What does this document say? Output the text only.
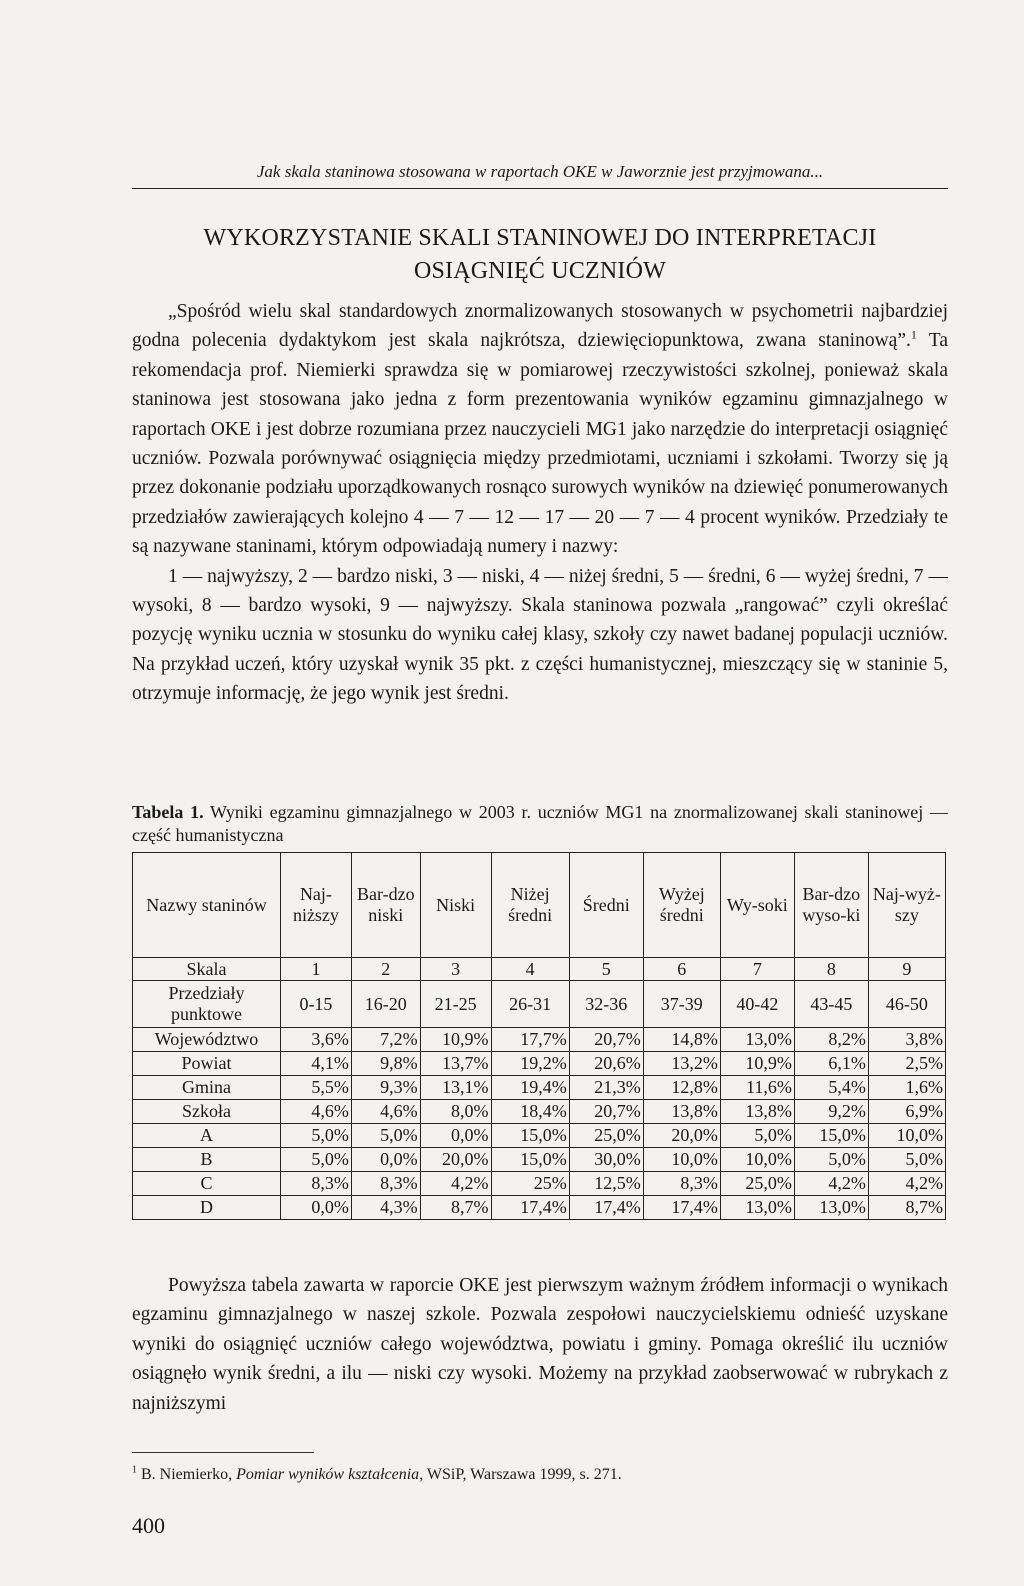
Jak skala staninowa stosowana w raportach OKE w Jaworznie jest przyjmowana...
WYKORZYSTANIE SKALI STANINOWEJ DO INTERPRETACJI
OSIĄGNIĘĆ UCZNIÓW

„Spośród wielu skal standardowych znormalizowanych stosowanych w psychometrii najbardziej godna polecenia dydaktykom jest skala najkrótsza, dziewięciopunktowa, zwana staninową”.$^1$ Ta rekomendacja prof. Niemierki sprawdza się w pomiarowej rzeczywistości szkolnej, ponieważ skala staninowa jest stosowana jako jedna z form prezentowania wyników egzaminu gimnazjalnego w raportach OKE i jest dobrze rozumiana przez nauczycieli MG1 jako narzędzie do interpretacji osiągnięć uczniów. Pozwala porównywać osiągnięcia między przedmiotami, uczniami i szkołami. Tworzy się ją przez dokonanie podziału uporządkowanych rosnąco surowych wyników na dziewięć ponumerowanych przedziałów zawierających kolejno 4 — 7 — 12 — 17 — 20 — 7 — 4 procent wyników. Przedziały te są nazywane staninami, którym odpowiadają numery i nazwy:

1 — najwyższy, 2 — bardzo niski, 3 — niski, 4 — niżej średni, 5 — średni, 6 — wyżej średni, 7 — wysoki, 8 — bardzo wysoki, 9 — najwyższy. Skala staninowa pozwala „rangować” czyli określać pozycję wyniku ucznia w stosunku do wyniku całej klasy, szkoły czy nawet badanej populacji uczniów. Na przykład uczeń, który uzyskał wynik 35 pkt. z części humanistycznej, mieszczący się w staninie 5, otrzymuje informację, że jego wynik jest średni.

Tabela 1. Wyniki egzaminu gimnazjalnego w 2003 r. uczniów MG1 na znormalizowanej skali staninowej — część humanistyczna
Nazwy staninów	Naj-niższy	Bar-dzo niski	Niski	Niżej średni	Średni	Wyżej średni	Wy-soki	Bar-dzo wyso-ki	Naj-wyż-szy
Skala	1	2	3	4	5	6	7	8	9
Przedziały punktowe	0-15	16-20	21-25	26-31	32-36	37-39	40-42	43-45	46-50
Województwo	3,6%	7,2%	10,9%	17,7%	20,7%	14,8%	13,0%	8,2%	3,8%
Powiat	4,1%	9,8%	13,7%	19,2%	20,6%	13,2%	10,9%	6,1%	2,5%
Gmina	5,5%	9,3%	13,1%	19,4%	21,3%	12,8%	11,6%	5,4%	1,6%
Szkoła	4,6%	4,6%	8,0%	18,4%	20,7%	13,8%	13,8%	9,2%	6,9%
A	5,0%	5,0%	0,0%	15,0%	25,0%	20,0%	5,0%	15,0%	10,0%
B	5,0%	0,0%	20,0%	15,0%	30,0%	10,0%	10,0%	5,0%	5,0%
C	8,3%	8,3%	4,2%	25%	12,5%	8,3%	25,0%	4,2%	4,2%
D	0,0%	4,3%	8,7%	17,4%	17,4%	17,4%	13,0%	13,0%	8,7%

Powyższa tabela zawarta w raporcie OKE jest pierwszym ważnym źródłem informacji o wynikach egzaminu gimnazjalnego w naszej szkole. Pozwala zespołowi nauczycielskiemu odnieść uzyskane wyniki do osiągnięć uczniów całego województwa, powiatu i gminy. Pomaga określić ilu uczniów osiągnęło wynik średni, a ilu — niski czy wysoki. Możemy na przykład zaobserwować w rubrykach z najniższymi

$^1$ B. Niemierko, Pomiar wyników kształcenia, WSiP, Warszawa 1999, s. 271.
400
